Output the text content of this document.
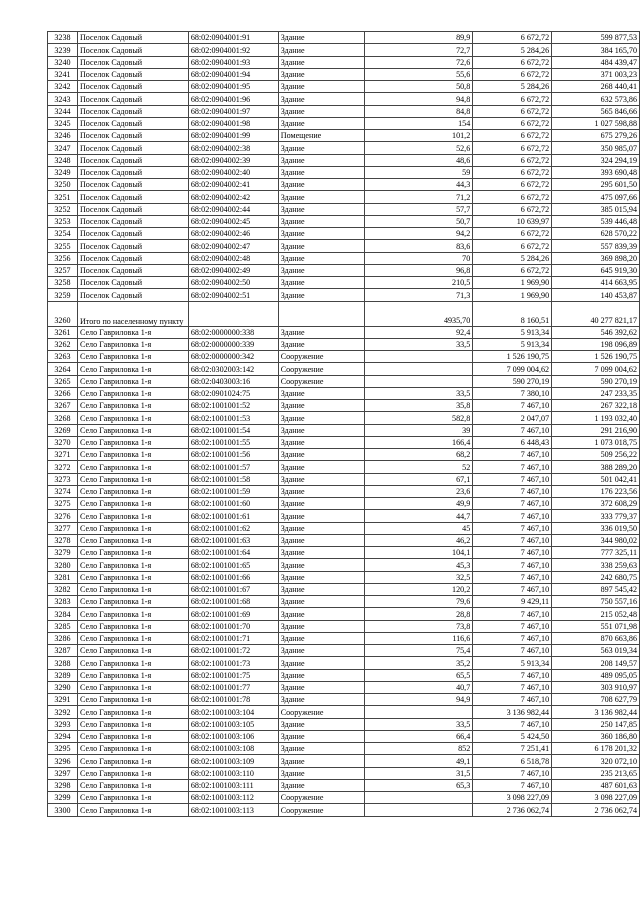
3238	Поселок Садовый	68:02:0904001:91	Здание	89,9	6 672,72	599 877,53
3239	Поселок Садовый	68:02:0904001:92	Здание	72,7	5 284,26	384 165,70
3240	Поселок Садовый	68:02:0904001:93	Здание	72,6	6 672,72	484 439,47
3241	Поселок Садовый	68:02:0904001:94	Здание	55,6	6 672,72	371 003,23
3242	Поселок Садовый	68:02:0904001:95	Здание	50,8	5 284,26	268 440,41
3243	Поселок Садовый	68:02:0904001:96	Здание	94,8	6 672,72	632 573,86
3244	Поселок Садовый	68:02:0904001:97	Здание	84,8	6 672,72	565 846,66
3245	Поселок Садовый	68:02:0904001:98	Здание	154	6 672,72	1 027 598,88
3246	Поселок Садовый	68:02:0904001:99	Помещение	101,2	6 672,72	675 279,26
3247	Поселок Садовый	68:02:0904002:38	Здание	52,6	6 672,72	350 985,07
3248	Поселок Садовый	68:02:0904002:39	Здание	48,6	6 672,72	324 294,19
3249	Поселок Садовый	68:02:0904002:40	Здание	59	6 672,72	393 690,48
3250	Поселок Садовый	68:02:0904002:41	Здание	44,3	6 672,72	295 601,50
3251	Поселок Садовый	68:02:0904002:42	Здание	71,2	6 672,72	475 097,66
3252	Поселок Садовый	68:02:0904002:44	Здание	57,7	6 672,72	385 015,94
3253	Поселок Садовый	68:02:0904002:45	Здание	50,7	10 639,97	539 446,48
3254	Поселок Садовый	68:02:0904002:46	Здание	94,2	6 672,72	628 570,22
3255	Поселок Садовый	68:02:0904002:47	Здание	83,6	6 672,72	557 839,39
3256	Поселок Садовый	68:02:0904002:48	Здание	70	5 284,26	369 898,20
3257	Поселок Садовый	68:02:0904002:49	Здание	96,8	6 672,72	645 919,30
3258	Поселок Садовый	68:02:0904002:50	Здание	210,5	1 969,90	414 663,95
3259	Поселок Садовый	68:02:0904002:51	Здание	71,3	1 969,90	140 453,87
3260	Итого по населенному пункту			4935,70	8 160,51	40 277 821,17
3261	Село Гавриловка 1-я	68:02:0000000:338	Здание	92,4	5 913,34	546 392,62
3262	Село Гавриловка 1-я	68:02:0000000:339	Здание	33,5	5 913,34	198 096,89
3263	Село Гавриловка 1-я	68:02:0000000:342	Сооружение		1 526 190,75	1 526 190,75
3264	Село Гавриловка 1-я	68:02:0302003:142	Сооружение		7 099 004,62	7 099 004,62
3265	Село Гавриловка 1-я	68:02:0403003:16	Сооружение		590 270,19	590 270,19
3266	Село Гавриловка 1-я	68:02:0901024:75	Здание	33,5	7 380,10	247 233,35
3267	Село Гавриловка 1-я	68:02:1001001:52	Здание	35,8	7 467,10	267 322,18
3268	Село Гавриловка 1-я	68:02:1001001:53	Здание	582,8	2 047,07	1 193 032,40
3269	Село Гавриловка 1-я	68:02:1001001:54	Здание	39	7 467,10	291 216,90
3270	Село Гавриловка 1-я	68:02:1001001:55	Здание	166,4	6 448,43	1 073 018,75
3271	Село Гавриловка 1-я	68:02:1001001:56	Здание	68,2	7 467,10	509 256,22
3272	Село Гавриловка 1-я	68:02:1001001:57	Здание	52	7 467,10	388 289,20
3273	Село Гавриловка 1-я	68:02:1001001:58	Здание	67,1	7 467,10	501 042,41
3274	Село Гавриловка 1-я	68:02:1001001:59	Здание	23,6	7 467,10	176 223,56
3275	Село Гавриловка 1-я	68:02:1001001:60	Здание	49,9	7 467,10	372 608,29
3276	Село Гавриловка 1-я	68:02:1001001:61	Здание	44,7	7 467,10	333 779,37
3277	Село Гавриловка 1-я	68:02:1001001:62	Здание	45	7 467,10	336 019,50
3278	Село Гавриловка 1-я	68:02:1001001:63	Здание	46,2	7 467,10	344 980,02
3279	Село Гавриловка 1-я	68:02:1001001:64	Здание	104,1	7 467,10	777 325,11
3280	Село Гавриловка 1-я	68:02:1001001:65	Здание	45,3	7 467,10	338 259,63
3281	Село Гавриловка 1-я	68:02:1001001:66	Здание	32,5	7 467,10	242 680,75
3282	Село Гавриловка 1-я	68:02:1001001:67	Здание	120,2	7 467,10	897 545,42
3283	Село Гавриловка 1-я	68:02:1001001:68	Здание	79,6	9 429,11	750 557,16
3284	Село Гавриловка 1-я	68:02:1001001:69	Здание	28,8	7 467,10	215 052,48
3285	Село Гавриловка 1-я	68:02:1001001:70	Здание	73,8	7 467,10	551 071,98
3286	Село Гавриловка 1-я	68:02:1001001:71	Здание	116,6	7 467,10	870 663,86
3287	Село Гавриловка 1-я	68:02:1001001:72	Здание	75,4	7 467,10	563 019,34
3288	Село Гавриловка 1-я	68:02:1001001:73	Здание	35,2	5 913,34	208 149,57
3289	Село Гавриловка 1-я	68:02:1001001:75	Здание	65,5	7 467,10	489 095,05
3290	Село Гавриловка 1-я	68:02:1001001:77	Здание	40,7	7 467,10	303 910,97
3291	Село Гавриловка 1-я	68:02:1001001:78	Здание	94,9	7 467,10	708 627,79
3292	Село Гавриловка 1-я	68:02:1001003:104	Сооружение		3 136 982,44	3 136 982,44
3293	Село Гавриловка 1-я	68:02:1001003:105	Здание	33,5	7 467,10	250 147,85
3294	Село Гавриловка 1-я	68:02:1001003:106	Здание	66,4	5 424,50	360 186,80
3295	Село Гавриловка 1-я	68:02:1001003:108	Здание	852	7 251,41	6 178 201,32
3296	Село Гавриловка 1-я	68:02:1001003:109	Здание	49,1	6 518,78	320 072,10
3297	Село Гавриловка 1-я	68:02:1001003:110	Здание	31,5	7 467,10	235 213,65
3298	Село Гавриловка 1-я	68:02:1001003:111	Здание	65,3	7 467,10	487 601,63
3299	Село Гавриловка 1-я	68:02:1001003:112	Сооружение		3 098 227,09	3 098 227,09
3300	Село Гавриловка 1-я	68:02:1001003:113	Сооружение		2 736 062,74	2 736 062,74
